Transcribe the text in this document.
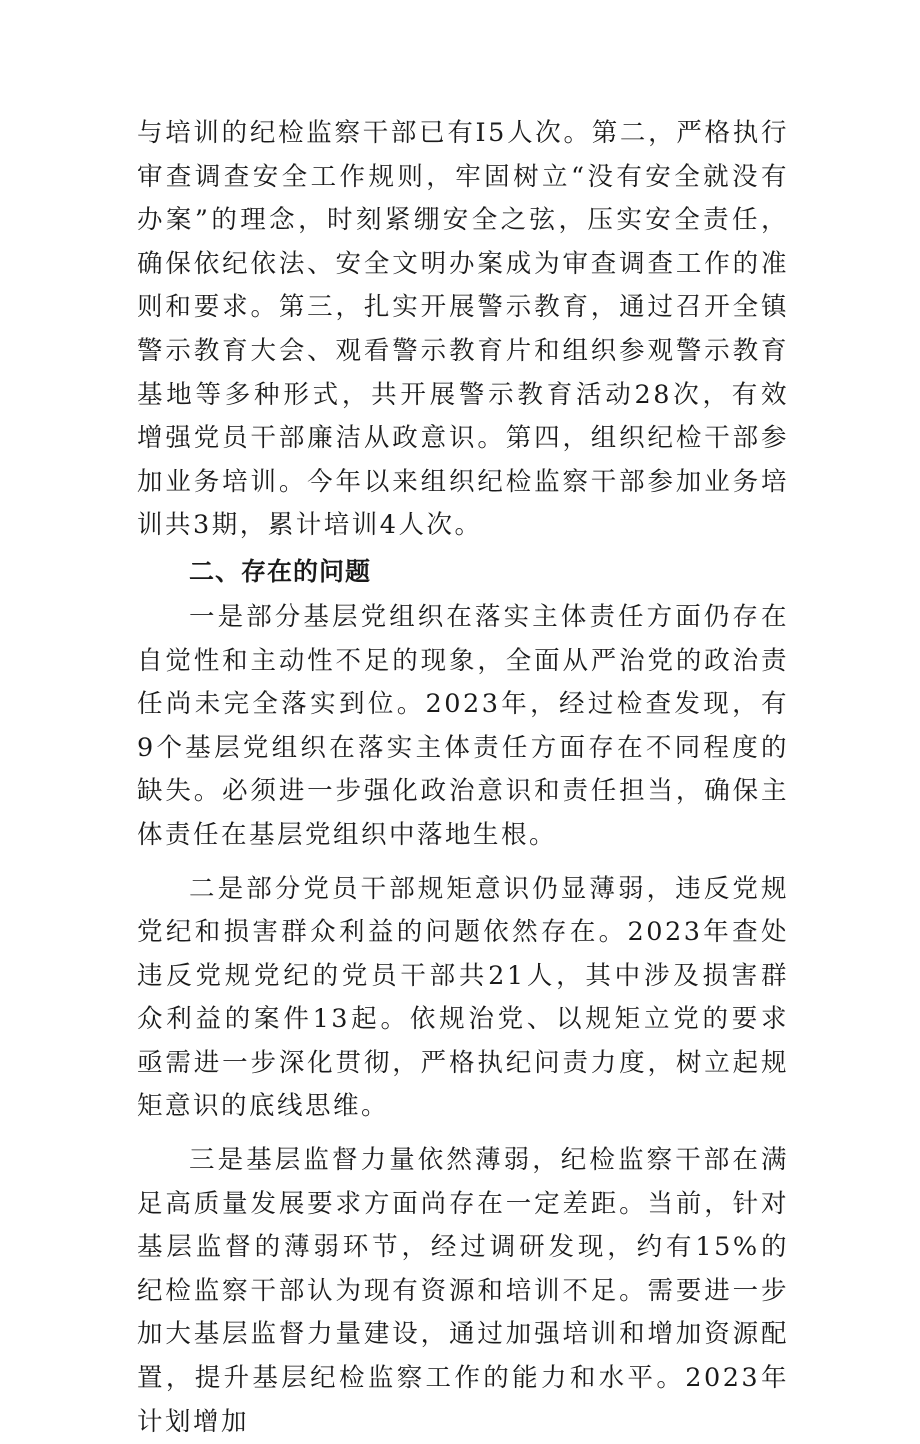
与培训的纪检监察干部已有I5人次。第二，严格执行审查调查安全工作规则，牢固树立“没有安全就没有办案”的理念，时刻紧绷安全之弦，压实安全责任，确保依纪依法、安全文明办案成为审查调查工作的准则和要求。第三，扎实开展警示教育，通过召开全镇警示教育大会、观看警示教育片和组织参观警示教育基地等多种形式，共开展警示教育活动28次，有效增强党员干部廉洁从政意识。第四，组织纪检干部参加业务培训。今年以来组织纪检监察干部参加业务培训共3期，累计培训4人次。

二、存在的问题

一是部分基层党组织在落实主体责任方面仍存在自觉性和主动性不足的现象，全面从严治党的政治责任尚未完全落实到位。2023年，经过检查发现，有9个基层党组织在落实主体责任方面存在不同程度的缺失。必须进一步强化政治意识和责任担当，确保主体责任在基层党组织中落地生根。

二是部分党员干部规矩意识仍显薄弱，违反党规党纪和损害群众利益的问题依然存在。2023年查处违反党规党纪的党员干部共21人，其中涉及损害群众利益的案件13起。依规治党、以规矩立党的要求亟需进一步深化贯彻，严格执纪问责力度，树立起规矩意识的底线思维。

三是基层监督力量依然薄弱，纪检监察干部在满足高质量发展要求方面尚存在一定差距。当前，针对基层监督的薄弱环节，经过调研发现，约有15%的纪检监察干部认为现有资源和培训不足。需要进一步加大基层监督力量建设，通过加强培训和增加资源配置，提升基层纪检监察工作的能力和水平。2023年计划增加
